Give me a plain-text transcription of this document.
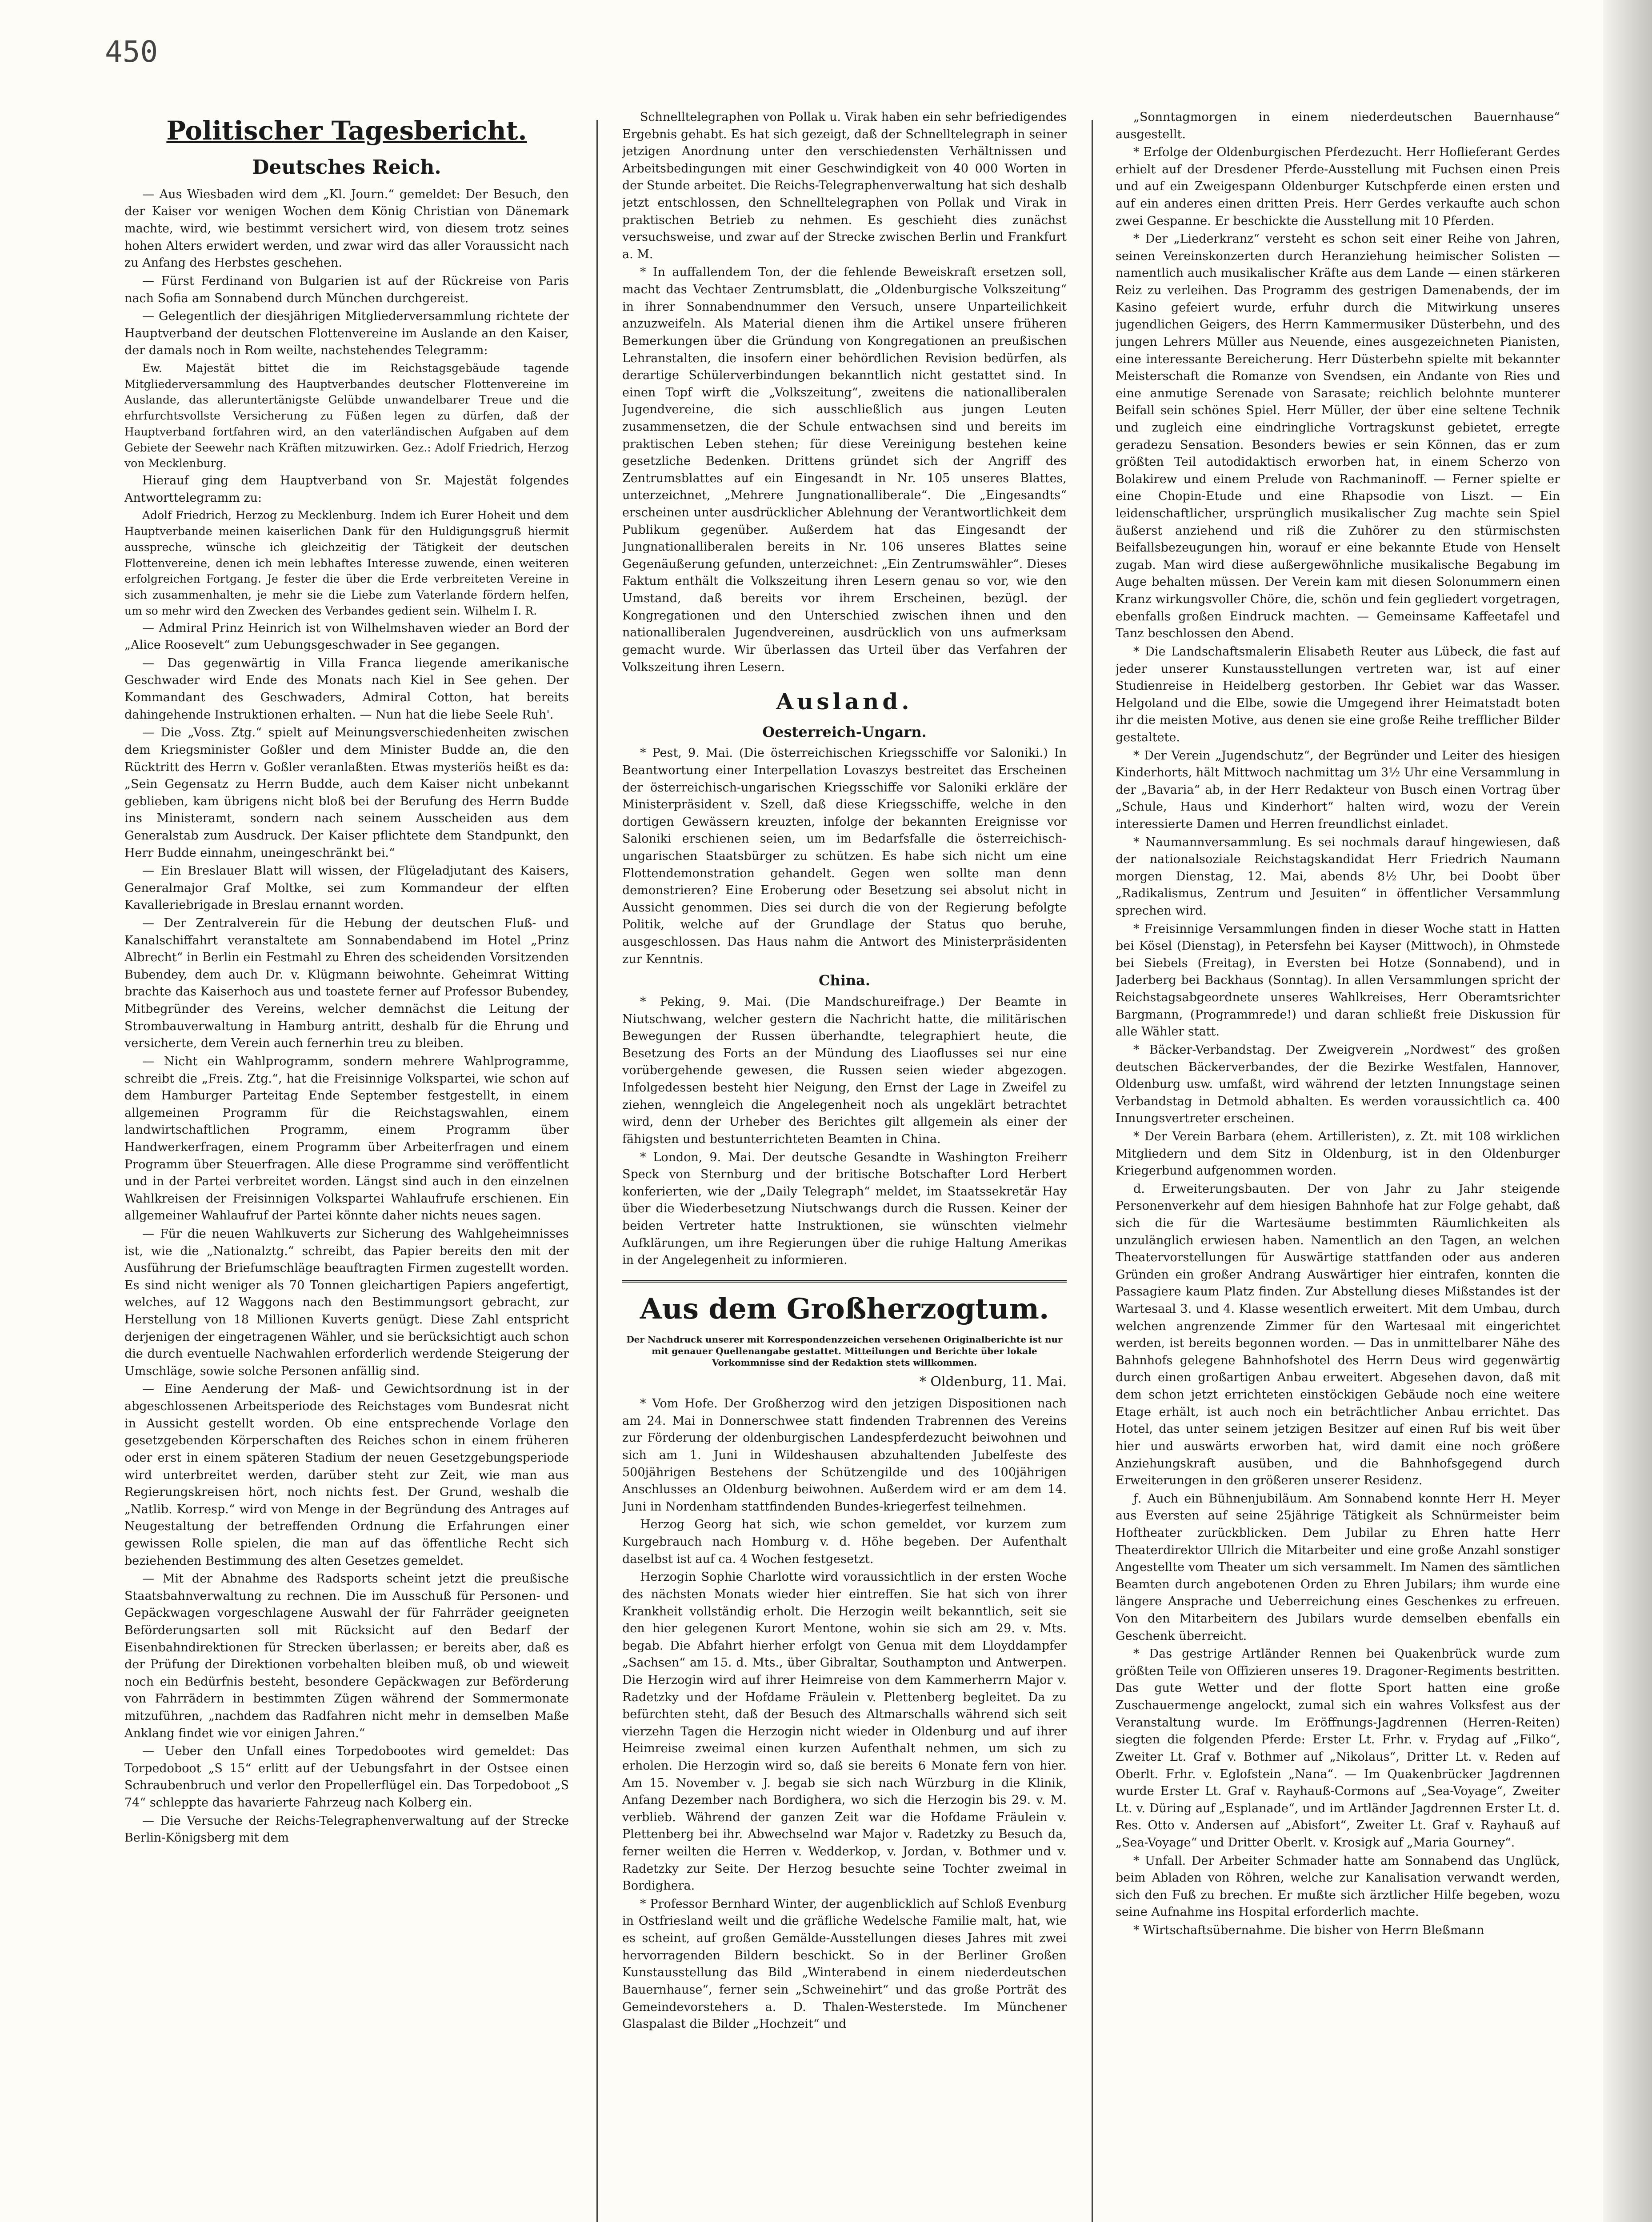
450
Politischer Tagesbericht.
Deutsches Reich.

— Aus Wiesbaden wird dem „Kl. Journ.“ gemeldet: Der Besuch, den der Kaiser vor wenigen Wochen dem König Christian von Dänemark machte, wird, wie bestimmt versichert wird, von diesem trotz seines hohen Alters erwidert werden, und zwar wird das aller Voraussicht nach zu Anfang des Herbstes geschehen.

— Fürst Ferdinand von Bulgarien ist auf der Rückreise von Paris nach Sofia am Sonnabend durch München durchgereist.

— Gelegentlich der diesjährigen Mitgliederversammlung richtete der Hauptverband der deutschen Flottenvereine im Auslande an den Kaiser, der damals noch in Rom weilte, nachstehendes Telegramm:

Ew. Majestät bittet die im Reichstagsgebäude tagende Mitgliederversammlung des Hauptverbandes deutscher Flottenvereine im Auslande, das alleruntertänigste Gelübde unwandelbarer Treue und die ehrfurchtsvollste Versicherung zu Füßen legen zu dürfen, daß der Hauptverband fortfahren wird, an den vaterländischen Aufgaben auf dem Gebiete der Seewehr nach Kräften mitzuwirken. Gez.: Adolf Friedrich, Herzog von Mecklenburg.

Hierauf ging dem Hauptverband von Sr. Majestät folgendes Antworttelegramm zu:

Adolf Friedrich, Herzog zu Mecklenburg. Indem ich Eurer Hoheit und dem Hauptverbande meinen kaiserlichen Dank für den Huldigungsgruß hiermit ausspreche, wünsche ich gleichzeitig der Tätigkeit der deutschen Flottenvereine, denen ich mein lebhaftes Interesse zuwende, einen weiteren erfolgreichen Fortgang. Je fester die über die Erde verbreiteten Vereine in sich zusammenhalten, je mehr sie die Liebe zum Vaterlande fördern helfen, um so mehr wird den Zwecken des Verbandes gedient sein. Wilhelm I. R.

— Admiral Prinz Heinrich ist von Wilhelmshaven wieder an Bord der „Alice Roosevelt“ zum Uebungsgeschwader in See gegangen.

— Das gegenwärtig in Villa Franca liegende amerikanische Geschwader wird Ende des Monats nach Kiel in See gehen. Der Kommandant des Geschwaders, Admiral Cotton, hat bereits dahingehende Instruktionen erhalten. — Nun hat die liebe Seele Ruh'.

— Die „Voss. Ztg.“ spielt auf Meinungsverschiedenheiten zwischen dem Kriegsminister Goßler und dem Minister Budde an, die den Rücktritt des Herrn v. Goßler veranlaßten. Etwas mysteriös heißt es da: „Sein Gegensatz zu Herrn Budde, auch dem Kaiser nicht unbekannt geblieben, kam übrigens nicht bloß bei der Berufung des Herrn Budde ins Ministeramt, sondern nach seinem Ausscheiden aus dem Generalstab zum Ausdruck. Der Kaiser pflichtete dem Standpunkt, den Herr Budde einnahm, uneingeschränkt bei.“

— Ein Breslauer Blatt will wissen, der Flügeladjutant des Kaisers, Generalmajor Graf Moltke, sei zum Kommandeur der elften Kavalleriebrigade in Breslau ernannt worden.

— Der Zentralverein für die Hebung der deutschen Fluß- und Kanalschiffahrt veranstaltete am Sonnabendabend im Hotel „Prinz Albrecht“ in Berlin ein Festmahl zu Ehren des scheidenden Vorsitzenden Bubendey, dem auch Dr. v. Klügmann beiwohnte. Geheimrat Witting brachte das Kaiserhoch aus und toastete ferner auf Professor Bubendey, Mitbegründer des Vereins, welcher demnächst die Leitung der Strombauverwaltung in Hamburg antritt, deshalb für die Ehrung und versicherte, dem Verein auch fernerhin treu zu bleiben.

— Nicht ein Wahlprogramm, sondern mehrere Wahlprogramme, schreibt die „Freis. Ztg.“, hat die Freisinnige Volkspartei, wie schon auf dem Hamburger Parteitag Ende September festgestellt, in einem allgemeinen Programm für die Reichstagswahlen, einem landwirtschaftlichen Programm, einem Programm über Handwerkerfragen, einem Programm über Arbeiterfragen und einem Programm über Steuerfragen. Alle diese Programme sind veröffentlicht und in der Partei verbreitet worden. Längst sind auch in den einzelnen Wahlkreisen der Freisinnigen Volkspartei Wahlaufrufe erschienen. Ein allgemeiner Wahlaufruf der Partei könnte daher nichts neues sagen.

— Für die neuen Wahlkuverts zur Sicherung des Wahlgeheimnisses ist, wie die „Nationalztg.“ schreibt, das Papier bereits den mit der Ausführung der Briefumschläge beauftragten Firmen zugestellt worden. Es sind nicht weniger als 70 Tonnen gleichartigen Papiers angefertigt, welches, auf 12 Waggons nach den Bestimmungsort gebracht, zur Herstellung von 18 Millionen Kuverts genügt. Diese Zahl entspricht derjenigen der eingetragenen Wähler, und sie berücksichtigt auch schon die durch eventuelle Nachwahlen erforderlich werdende Steigerung der Umschläge, sowie solche Personen anfällig sind.

— Eine Aenderung der Maß- und Gewichtsordnung ist in der abgeschlossenen Arbeitsperiode des Reichstages vom Bundesrat nicht in Aussicht gestellt worden. Ob eine entsprechende Vorlage den gesetzgebenden Körperschaften des Reiches schon in einem früheren oder erst in einem späteren Stadium der neuen Gesetzgebungsperiode wird unterbreitet werden, darüber steht zur Zeit, wie man aus Regierungskreisen hört, noch nichts fest. Der Grund, weshalb die „Natlib. Korresp.“ wird von Menge in der Begründung des Antrages auf Neugestaltung der betreffenden Ordnung die Erfahrungen einer gewissen Rolle spielen, die man auf das öffentliche Recht sich beziehenden Bestimmung des alten Gesetzes gemeldet.

— Mit der Abnahme des Radsports scheint jetzt die preußische Staatsbahnverwaltung zu rechnen. Die im Ausschuß für Personen- und Gepäckwagen vorgeschlagene Auswahl der für Fahrräder geeigneten Beförderungsarten soll mit Rücksicht auf den Bedarf der Eisenbahndirektionen für Strecken überlassen; er bereits aber, daß es der Prüfung der Direktionen vorbehalten bleiben muß, ob und wieweit noch ein Bedürfnis besteht, besondere Gepäckwagen zur Beförderung von Fahrrädern in bestimmten Zügen während der Sommermonate mitzuführen, „nachdem das Radfahren nicht mehr in demselben Maße Anklang findet wie vor einigen Jahren.“

— Ueber den Unfall eines Torpedobootes wird gemeldet: Das Torpedoboot „S 15“ erlitt auf der Uebungsfahrt in der Ostsee einen Schraubenbruch und verlor den Propellerflügel ein. Das Torpedoboot „S 74“ schleppte das havarierte Fahrzeug nach Kolberg ein.

— Die Versuche der Reichs-Telegraphenverwaltung auf der Strecke Berlin-Königsberg mit dem

Schnelltelegraphen von Pollak u. Virak haben ein sehr befriedigendes Ergebnis gehabt. Es hat sich gezeigt, daß der Schnelltelegraph in seiner jetzigen Anordnung unter den verschiedensten Verhältnissen und Arbeitsbedingungen mit einer Geschwindigkeit von 40 000 Worten in der Stunde arbeitet. Die Reichs-Telegraphenverwaltung hat sich deshalb jetzt entschlossen, den Schnelltelegraphen von Pollak und Virak in praktischen Betrieb zu nehmen. Es geschieht dies zunächst versuchsweise, und zwar auf der Strecke zwischen Berlin und Frankfurt a. M.

* In auffallendem Ton, der die fehlende Beweiskraft ersetzen soll, macht das Vechtaer Zentrumsblatt, die „Oldenburgische Volkszeitung“ in ihrer Sonnabendnummer den Versuch, unsere Unparteilichkeit anzuzweifeln. Als Material dienen ihm die Artikel unsere früheren Bemerkungen über die Gründung von Kongregationen an preußischen Lehranstalten, die insofern einer behördlichen Revision bedürfen, als derartige Schülerverbindungen bekanntlich nicht gestattet sind. In einen Topf wirft die „Volkszeitung“, zweitens die nationalliberalen Jugendvereine, die sich ausschließlich aus jungen Leuten zusammensetzen, die der Schule entwachsen sind und bereits im praktischen Leben stehen; für diese Vereinigung bestehen keine gesetzliche Bedenken. Drittens gründet sich der Angriff des Zentrumsblattes auf ein Eingesandt in Nr. 105 unseres Blattes, unterzeichnet, „Mehrere Jungnationalliberale“. Die „Eingesandts“ erscheinen unter ausdrücklicher Ablehnung der Verantwortlichkeit dem Publikum gegenüber. Außerdem hat das Eingesandt der Jungnationalliberalen bereits in Nr. 106 unseres Blattes seine Gegenäußerung gefunden, unterzeichnet: „Ein Zentrumswähler“. Dieses Faktum enthält die Volkszeitung ihren Lesern genau so vor, wie den Umstand, daß bereits vor ihrem Erscheinen, bezügl. der Kongregationen und den Unterschied zwischen ihnen und den nationalliberalen Jugendvereinen, ausdrücklich von uns aufmerksam gemacht wurde. Wir überlassen das Urteil über das Verfahren der Volkszeitung ihren Lesern.

Ausland.
Oesterreich-Ungarn.

* Pest, 9. Mai. (Die österreichischen Kriegsschiffe vor Saloniki.) In Beantwortung einer Interpellation Lovaszys bestreitet das Erscheinen der österreichisch-ungarischen Kriegsschiffe vor Saloniki erkläre der Ministerpräsident v. Szell, daß diese Kriegsschiffe, welche in den dortigen Gewässern kreuzten, infolge der bekannten Ereignisse vor Saloniki erschienen seien, um im Bedarfsfalle die österreichisch-ungarischen Staatsbürger zu schützen. Es habe sich nicht um eine Flottendemonstration gehandelt. Gegen wen sollte man denn demonstrieren? Eine Eroberung oder Besetzung sei absolut nicht in Aussicht genommen. Dies sei durch die von der Regierung befolgte Politik, welche auf der Grundlage der Status quo beruhe, ausgeschlossen. Das Haus nahm die Antwort des Ministerpräsidenten zur Kenntnis.

China.

* Peking, 9. Mai. (Die Mandschureifrage.) Der Beamte in Niutschwang, welcher gestern die Nachricht hatte, die militärischen Bewegungen der Russen überhandte, telegraphiert heute, die Besetzung des Forts an der Mündung des Liaoflusses sei nur eine vorübergehende gewesen, die Russen seien wieder abgezogen. Infolgedessen besteht hier Neigung, den Ernst der Lage in Zweifel zu ziehen, wenngleich die Angelegenheit noch als ungeklärt betrachtet wird, denn der Urheber des Berichtes gilt allgemein als einer der fähigsten und bestunterrichteten Beamten in China.

* London, 9. Mai. Der deutsche Gesandte in Washington Freiherr Speck von Sternburg und der britische Botschafter Lord Herbert konferierten, wie der „Daily Telegraph“ meldet, im Staatssekretär Hay über die Wiederbesetzung Niutschwangs durch die Russen. Keiner der beiden Vertreter hatte Instruktionen, sie wünschten vielmehr Aufklärungen, um ihre Regierungen über die ruhige Haltung Amerikas in der Angelegenheit zu informieren.

Aus dem Großherzogtum.
Der Nachdruck unserer mit Korrespondenzzeichen versehenen Originalberichte ist nur mit genauer Quellenangabe gestattet. Mitteilungen und Berichte über lokale Vorkommnisse sind der Redaktion stets willkommen.
* Oldenburg, 11. Mai.

* Vom Hofe. Der Großherzog wird den jetzigen Dispositionen nach am 24. Mai in Donnerschwee statt findenden Trabrennen des Vereins zur Förderung der oldenburgischen Landespferdezucht beiwohnen und sich am 1. Juni in Wildeshausen abzuhaltenden Jubelfeste des 500jährigen Bestehens der Schützengilde und des 100jährigen Anschlusses an Oldenburg beiwohnen. Außerdem wird er am dem 14. Juni in Nordenham stattfindenden Bundes-kriegerfest teilnehmen.

Herzog Georg hat sich, wie schon gemeldet, vor kurzem zum Kurgebrauch nach Homburg v. d. Höhe begeben. Der Aufenthalt daselbst ist auf ca. 4 Wochen festgesetzt.

Herzogin Sophie Charlotte wird voraussichtlich in der ersten Woche des nächsten Monats wieder hier eintreffen. Sie hat sich von ihrer Krankheit vollständig erholt. Die Herzogin weilt bekanntlich, seit sie den hier gelegenen Kurort Mentone, wohin sie sich am 29. v. Mts. begab. Die Abfahrt hierher erfolgt von Genua mit dem Lloyddampfer „Sachsen“ am 15. d. Mts., über Gibraltar, Southampton und Antwerpen. Die Herzogin wird auf ihrer Heimreise von dem Kammerherrn Major v. Radetzky und der Hofdame Fräulein v. Plettenberg begleitet. Da zu befürchten steht, daß der Besuch des Altmarschalls während sich seit vierzehn Tagen die Herzogin nicht wieder in Oldenburg und auf ihrer Heimreise zweimal einen kurzen Aufenthalt nehmen, um sich zu erholen. Die Herzogin wird so, daß sie bereits 6 Monate fern von hier. Am 15. November v. J. begab sie sich nach Würzburg in die Klinik, Anfang Dezember nach Bordighera, wo sich die Herzogin bis 29. v. M. verblieb. Während der ganzen Zeit war die Hofdame Fräulein v. Plettenberg bei ihr. Abwechselnd war Major v. Radetzky zu Besuch da, ferner weilten die Herren v. Wedderkop, v. Jordan, v. Bothmer und v. Radetzky zur Seite. Der Herzog besuchte seine Tochter zweimal in Bordighera.

* Professor Bernhard Winter, der augenblicklich auf Schloß Evenburg in Ostfriesland weilt und die gräfliche Wedelsche Familie malt, hat, wie es scheint, auf großen Gemälde-Ausstellungen dieses Jahres mit zwei hervorragenden Bildern beschickt. So in der Berliner Großen Kunstausstellung das Bild „Winterabend in einem niederdeutschen Bauernhause“, ferner sein „Schweinehirt“ und das große Porträt des Gemeindevorstehers a. D. Thalen-Westerstede. Im Münchener Glaspalast die Bilder „Hochzeit“ und

„Sonntagmorgen in einem niederdeutschen Bauernhause“ ausgestellt.

* Erfolge der Oldenburgischen Pferdezucht. Herr Hoflieferant Gerdes erhielt auf der Dresdener Pferde-Ausstellung mit Fuchsen einen Preis und auf ein Zweigespann Oldenburger Kutschpferde einen ersten und auf ein anderes einen dritten Preis. Herr Gerdes verkaufte auch schon zwei Gespanne. Er beschickte die Ausstellung mit 10 Pferden.

* Der „Liederkranz“ versteht es schon seit einer Reihe von Jahren, seinen Vereinskonzerten durch Heranziehung heimischer Solisten — namentlich auch musikalischer Kräfte aus dem Lande — einen stärkeren Reiz zu verleihen. Das Programm des gestrigen Damenabends, der im Kasino gefeiert wurde, erfuhr durch die Mitwirkung unseres jugendlichen Geigers, des Herrn Kammermusiker Düsterbehn, und des jungen Lehrers Müller aus Neuende, eines ausgezeichneten Pianisten, eine interessante Bereicherung. Herr Düsterbehn spielte mit bekannter Meisterschaft die Romanze von Svendsen, ein Andante von Ries und eine anmutige Serenade von Sarasate; reichlich belohnte munterer Beifall sein schönes Spiel. Herr Müller, der über eine seltene Technik und zugleich eine eindringliche Vortragskunst gebietet, erregte geradezu Sensation. Besonders bewies er sein Können, das er zum größten Teil autodidaktisch erworben hat, in einem Scherzo von Bolakirew und einem Prelude von Rachmaninoff. — Ferner spielte er eine Chopin-Etude und eine Rhapsodie von Liszt. — Ein leidenschaftlicher, ursprünglich musikalischer Zug machte sein Spiel äußerst anziehend und riß die Zuhörer zu den stürmischsten Beifallsbezeugungen hin, worauf er eine bekannte Etude von Henselt zugab. Man wird diese außergewöhnliche musikalische Begabung im Auge behalten müssen. Der Verein kam mit diesen Solonummern einen Kranz wirkungsvoller Chöre, die, schön und fein gegliedert vorgetragen, ebenfalls großen Eindruck machten. — Gemeinsame Kaffeetafel und Tanz beschlossen den Abend.

* Die Landschaftsmalerin Elisabeth Reuter aus Lübeck, die fast auf jeder unserer Kunstausstellungen vertreten war, ist auf einer Studienreise in Heidelberg gestorben. Ihr Gebiet war das Wasser. Helgoland und die Elbe, sowie die Umgegend ihrer Heimatstadt boten ihr die meisten Motive, aus denen sie eine große Reihe trefflicher Bilder gestaltete.

* Der Verein „Jugendschutz“, der Begründer und Leiter des hiesigen Kinderhorts, hält Mittwoch nachmittag um 3½ Uhr eine Versammlung in der „Bavaria“ ab, in der Herr Redakteur von Busch einen Vortrag über „Schule, Haus und Kinderhort“ halten wird, wozu der Verein interessierte Damen und Herren freundlichst einladet.

* Naumannversammlung. Es sei nochmals darauf hingewiesen, daß der nationalsoziale Reichstagskandidat Herr Friedrich Naumann morgen Dienstag, 12. Mai, abends 8½ Uhr, bei Doobt über „Radikalismus, Zentrum und Jesuiten“ in öffentlicher Versammlung sprechen wird.

* Freisinnige Versammlungen finden in dieser Woche statt in Hatten bei Kösel (Dienstag), in Petersfehn bei Kayser (Mittwoch), in Ohmstede bei Siebels (Freitag), in Eversten bei Hotze (Sonnabend), und in Jaderberg bei Backhaus (Sonntag). In allen Versammlungen spricht der Reichstagsabgeordnete unseres Wahlkreises, Herr Oberamtsrichter Bargmann, (Programmrede!) und daran schließt freie Diskussion für alle Wähler statt.

* Bäcker-Verbandstag. Der Zweigverein „Nordwest“ des großen deutschen Bäckerverbandes, der die Bezirke Westfalen, Hannover, Oldenburg usw. umfaßt, wird während der letzten Innungstage seinen Verbandstag in Detmold abhalten. Es werden voraussichtlich ca. 400 Innungsvertreter erscheinen.

* Der Verein Barbara (ehem. Artilleristen), z. Zt. mit 108 wirklichen Mitgliedern und dem Sitz in Oldenburg, ist in den Oldenburger Kriegerbund aufgenommen worden.

d. Erweiterungsbauten. Der von Jahr zu Jahr steigende Personenverkehr auf dem hiesigen Bahnhofe hat zur Folge gehabt, daß sich die für die Wartesäume bestimmten Räumlichkeiten als unzulänglich erwiesen haben. Namentlich an den Tagen, an welchen Theatervorstellungen für Auswärtige stattfanden oder aus anderen Gründen ein großer Andrang Auswärtiger hier eintrafen, konnten die Passagiere kaum Platz finden. Zur Abstellung dieses Mißstandes ist der Wartesaal 3. und 4. Klasse wesentlich erweitert. Mit dem Umbau, durch welchen angrenzende Zimmer für den Wartesaal mit eingerichtet werden, ist bereits begonnen worden. — Das in unmittelbarer Nähe des Bahnhofs gelegene Bahnhofshotel des Herrn Deus wird gegenwärtig durch einen großartigen Anbau erweitert. Abgesehen davon, daß mit dem schon jetzt errichteten einstöckigen Gebäude noch eine weitere Etage erhält, ist auch noch ein beträchtlicher Anbau errichtet. Das Hotel, das unter seinem jetzigen Besitzer auf einen Ruf bis weit über hier und auswärts erworben hat, wird damit eine noch größere Anziehungskraft ausüben, und die Bahnhofsgegend durch Erweiterungen in den größeren unserer Residenz.

ƒ. Auch ein Bühnenjubiläum. Am Sonnabend konnte Herr H. Meyer aus Eversten auf seine 25jährige Tätigkeit als Schnürmeister beim Hoftheater zurückblicken. Dem Jubilar zu Ehren hatte Herr Theaterdirektor Ullrich die Mitarbeiter und eine große Anzahl sonstiger Angestellte vom Theater um sich versammelt. Im Namen des sämtlichen Beamten durch angebotenen Orden zu Ehren Jubilars; ihm wurde eine längere Ansprache und Ueberreichung eines Geschenkes zu erfreuen. Von den Mitarbeitern des Jubilars wurde demselben ebenfalls ein Geschenk überreicht.

* Das gestrige Artländer Rennen bei Quakenbrück wurde zum größten Teile von Offizieren unseres 19. Dragoner-Regiments bestritten. Das gute Wetter und der flotte Sport hatten eine große Zuschauermenge angelockt, zumal sich ein wahres Volksfest aus der Veranstaltung wurde. Im Eröffnungs-Jagdrennen (Herren-Reiten) siegten die folgenden Pferde: Erster Lt. Frhr. v. Frydag auf „Filko“, Zweiter Lt. Graf v. Bothmer auf „Nikolaus“, Dritter Lt. v. Reden auf Oberlt. Frhr. v. Eglofstein „Nana“. — Im Quakenbrücker Jagdrennen wurde Erster Lt. Graf v. Rayhauß-Cormons auf „Sea-Voyage“, Zweiter Lt. v. Düring auf „Esplanade“, und im Artländer Jagdrennen Erster Lt. d. Res. Otto v. Andersen auf „Abisfort“, Zweiter Lt. Graf v. Rayhauß auf „Sea-Voyage“ und Dritter Oberlt. v. Krosigk auf „Maria Gourney“.

* Unfall. Der Arbeiter Schmader hatte am Sonnabend das Unglück, beim Abladen von Röhren, welche zur Kanalisation verwandt werden, sich den Fuß zu brechen. Er mußte sich ärztlicher Hilfe begeben, wozu seine Aufnahme ins Hospital erforderlich machte.

* Wirtschaftsübernahme. Die bisher von Herrn Bleßmann
